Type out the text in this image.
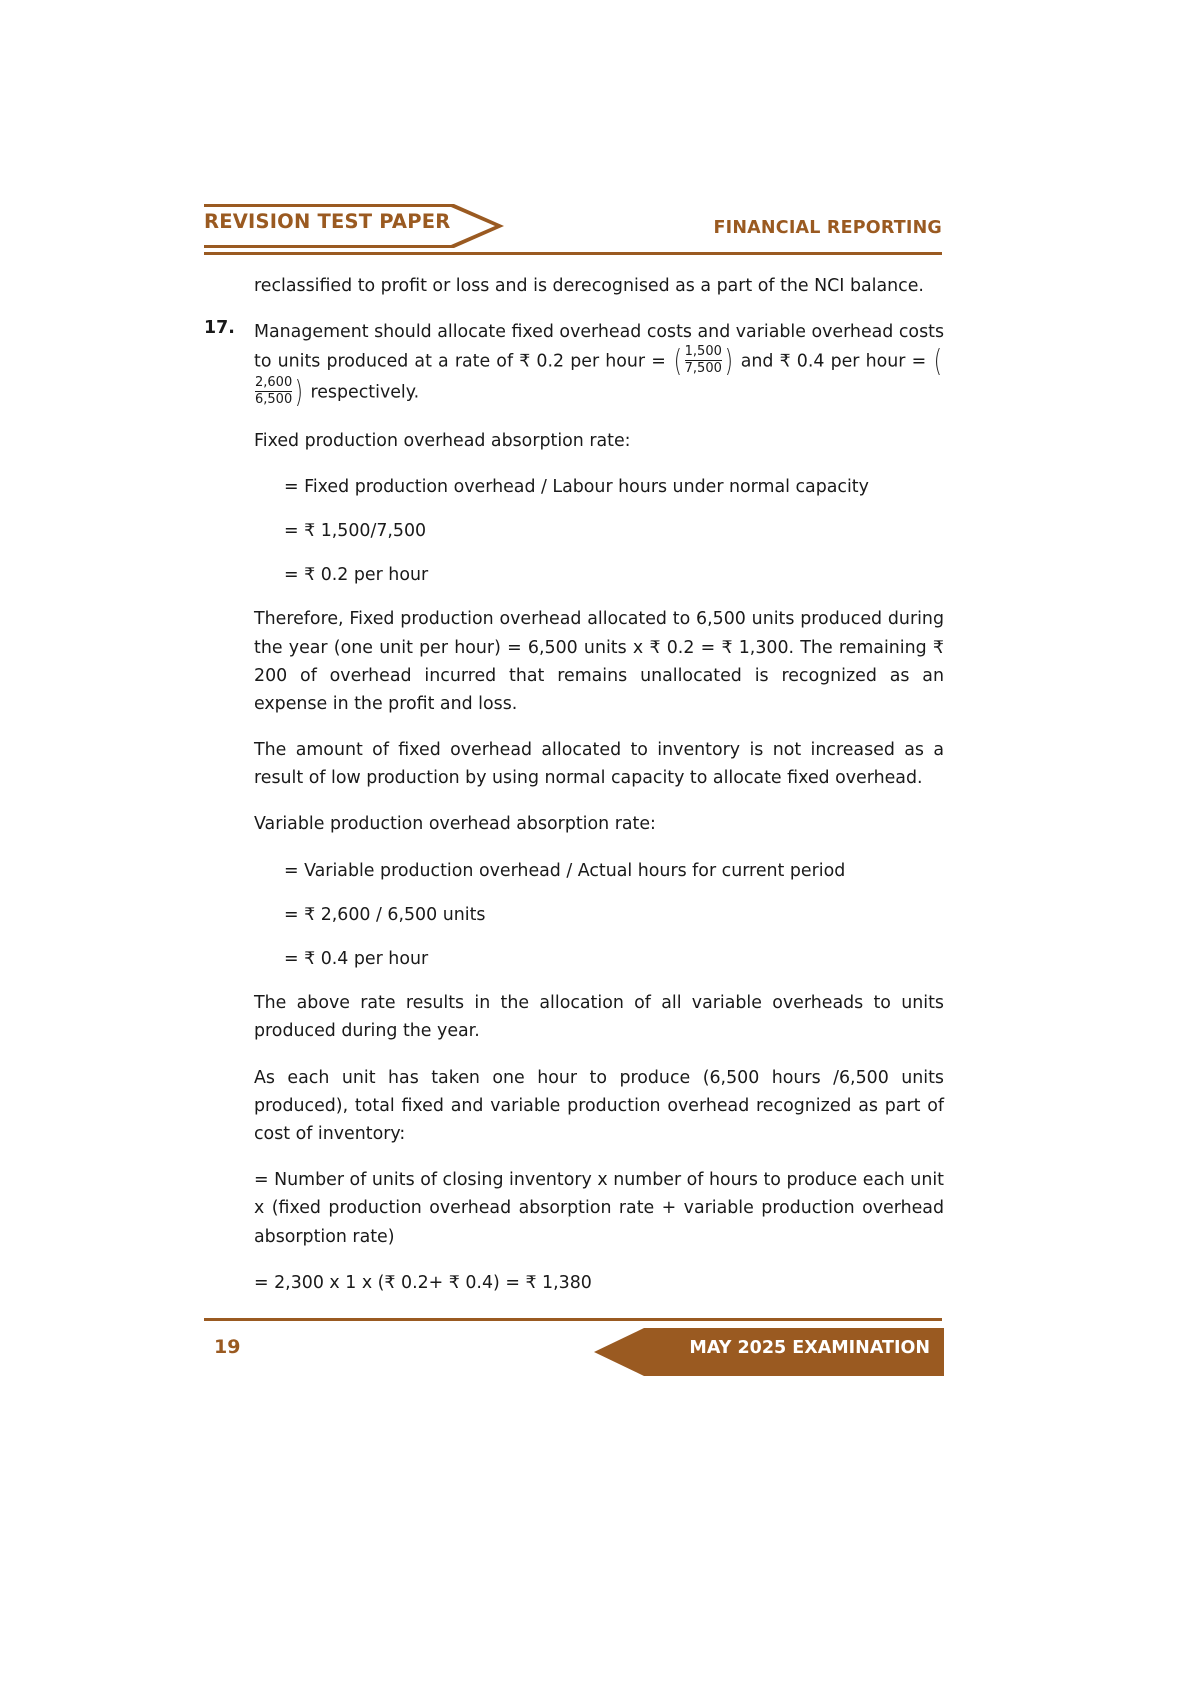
REVISION TEST PAPER	FINANCIAL REPORTING

reclassified to profit or loss and is derecognised as a part of the NCI balance.

17. Management should allocate fixed overhead costs and variable overhead costs to units produced at a rate of ₹ 0.2 per hour = ( $\frac{1,500}{7,500}$ ) and ₹ 0.4 per hour = (
$\frac{2,600}{6,500}$ ) respectively.

Fixed production overhead absorption rate:

= Fixed production overhead / Labour hours under normal capacity

= ₹ 1,500/7,500

= ₹ 0.2 per hour

Therefore, Fixed production overhead allocated to 6,500 units produced during the year (one unit per hour) = 6,500 units x ₹ 0.2 = ₹ 1,300. The remaining ₹ 200 of overhead incurred that remains unallocated is recognized as an expense in the profit and loss.

The amount of fixed overhead allocated to inventory is not increased as a result of low production by using normal capacity to allocate fixed overhead.

Variable production overhead absorption rate:

= Variable production overhead / Actual hours for current period

= ₹ 2,600 / 6,500 units

= ₹ 0.4 per hour

The above rate results in the allocation of all variable overheads to units produced during the year.

As each unit has taken one hour to produce (6,500 hours /6,500 units produced), total fixed and variable production overhead recognized as part of cost of inventory:

= Number of units of closing inventory x number of hours to produce each unit x (fixed production overhead absorption rate + variable production overhead absorption rate)

= 2,300 x 1 x (₹ 0.2+ ₹ 0.4) = ₹ 1,380

19	MAY 2025 EXAMINATION
